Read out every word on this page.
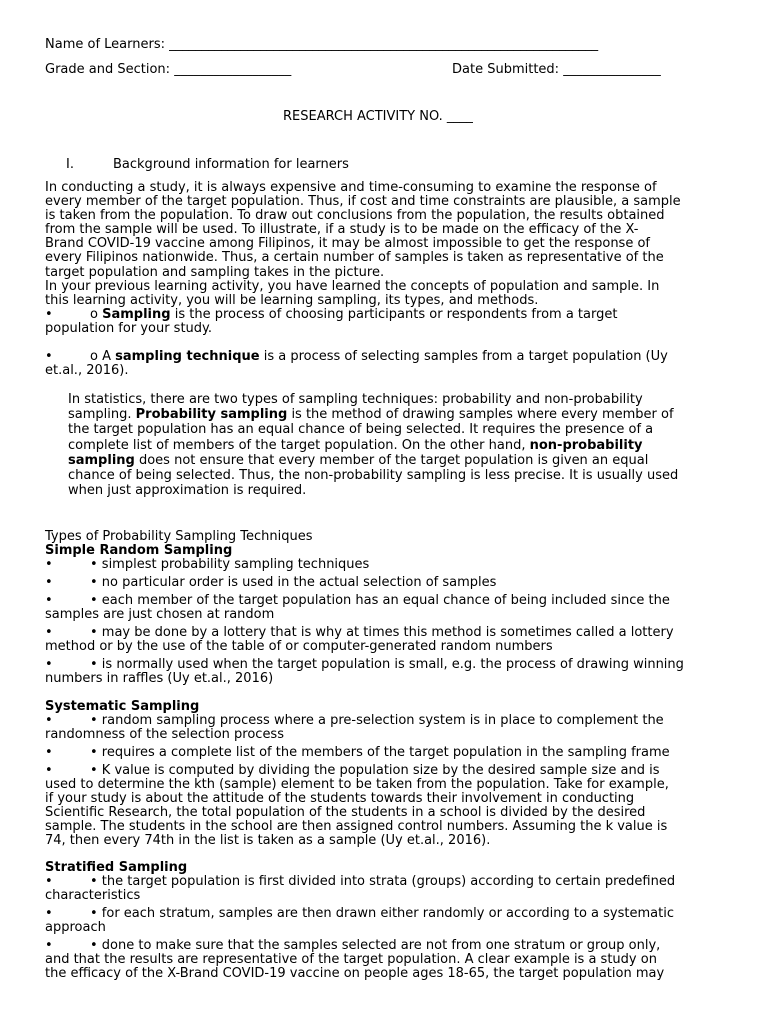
Name of Learners: __________________________________________________________________
Grade and Section: __________________	Date Submitted: _______________
RESEARCH ACTIVITY NO. ____
I.	Background information for learners
In conducting a study, it is always expensive and time-consuming to examine the response of
every member of the target population. Thus, if cost and time constraints are plausible, a sample
is taken from the population. To draw out conclusions from the population, the results obtained
from the sample will be used. To illustrate, if a study is to be made on the efficacy of the X-
Brand COVID-19 vaccine among Filipinos, it may be almost impossible to get the response of
every Filipinos nationwide. Thus, a certain number of samples is taken as representative of the
target population and sampling takes in the picture.
In your previous learning activity, you have learned the concepts of population and sample. In
this learning activity, you will be learning sampling, its types, and methods.
•	o Sampling is the process of choosing participants or respondents from a target
population for your study.
•	o A sampling technique is a process of selecting samples from a target population (Uy
et.al., 2016).
In statistics, there are two types of sampling techniques: probability and non-probability
sampling. Probability sampling is the method of drawing samples where every member of
the target population has an equal chance of being selected. It requires the presence of a
complete list of members of the target population. On the other hand, non-probability
sampling does not ensure that every member of the target population is given an equal
chance of being selected. Thus, the non-probability sampling is less precise. It is usually used
when just approximation is required.
Types of Probability Sampling Techniques
Simple Random Sampling
•	• simplest probability sampling techniques
•	• no particular order is used in the actual selection of samples
•	• each member of the target population has an equal chance of being included since the
samples are just chosen at random
•	• may be done by a lottery that is why at times this method is sometimes called a lottery
method or by the use of the table of or computer-generated random numbers
•	• is normally used when the target population is small, e.g. the process of drawing winning
numbers in raffles (Uy et.al., 2016)
Systematic Sampling
•	• random sampling process where a pre-selection system is in place to complement the
randomness of the selection process
•	• requires a complete list of the members of the target population in the sampling frame
•	• K value is computed by dividing the population size by the desired sample size and is
used to determine the kth (sample) element to be taken from the population. Take for example,
if your study is about the attitude of the students towards their involvement in conducting
Scientific Research, the total population of the students in a school is divided by the desired
sample. The students in the school are then assigned control numbers. Assuming the k value is
74, then every 74th in the list is taken as a sample (Uy et.al., 2016).
Stratified Sampling
•	• the target population is first divided into strata (groups) according to certain predefined
characteristics
•	• for each stratum, samples are then drawn either randomly or according to a systematic
approach
•	• done to make sure that the samples selected are not from one stratum or group only,
and that the results are representative of the target population. A clear example is a study on
the efficacy of the X-Brand COVID-19 vaccine on people ages 18-65, the target population may
